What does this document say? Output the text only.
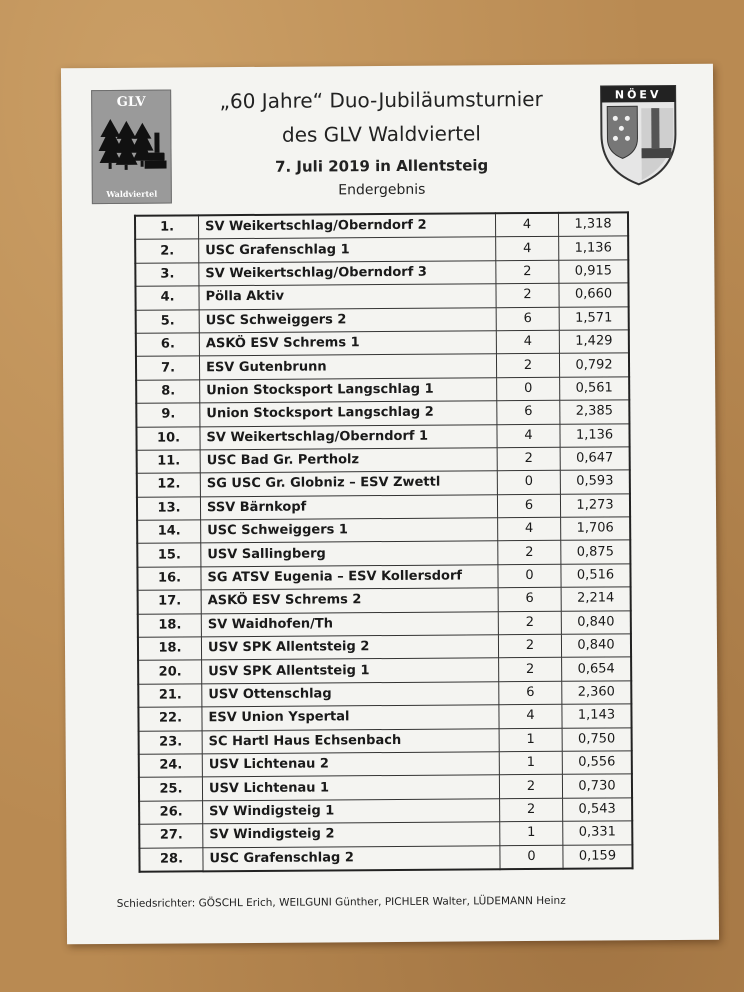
GLV
Waldviertel
NÖEV
„60 Jahre“ Duo-Jubiläumsturnier
des GLV Waldviertel
7. Juli 2019 in Allentsteig
Endergebnis
1.	SV Weikertschlag/Oberndorf 2	4	1,318
2.	USC Grafenschlag 1	4	1,136
3.	SV Weikertschlag/Oberndorf 3	2	0,915
4.	Pölla Aktiv	2	0,660
5.	USC Schweiggers 2	6	1,571
6.	ASKÖ ESV Schrems 1	4	1,429
7.	ESV Gutenbrunn	2	0,792
8.	Union Stocksport Langschlag 1	0	0,561
9.	Union Stocksport Langschlag 2	6	2,385
10.	SV Weikertschlag/Oberndorf 1	4	1,136
11.	USC Bad Gr. Pertholz	2	0,647
12.	SG USC Gr. Globniz – ESV Zwettl	0	0,593
13.	SSV Bärnkopf	6	1,273
14.	USC Schweiggers 1	4	1,706
15.	USV Sallingberg	2	0,875
16.	SG ATSV Eugenia – ESV Kollersdorf	0	0,516
17.	ASKÖ ESV Schrems 2	6	2,214
18.	SV Waidhofen/Th	2	0,840
18.	USV SPK Allentsteig 2	2	0,840
20.	USV SPK Allentsteig 1	2	0,654
21.	USV Ottenschlag	6	2,360
22.	ESV Union Yspertal	4	1,143
23.	SC Hartl Haus Echsenbach	1	0,750
24.	USV Lichtenau 2	1	0,556
25.	USV Lichtenau 1	2	0,730
26.	SV Windigsteig 1	2	0,543
27.	SV Windigsteig 2	1	0,331
28.	USC Grafenschlag 2	0	0,159
Schiedsrichter: GÖSCHL Erich, WEILGUNI Günther, PICHLER Walter, LÜDEMANN Heinz
